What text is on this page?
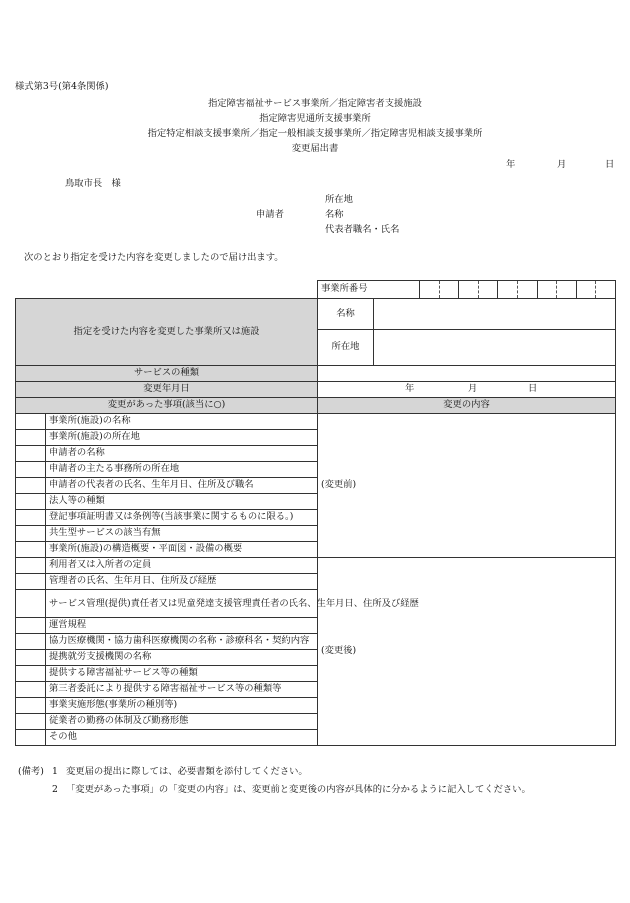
様式第3号(第4条関係)
指定障害福祉サービス事業所／指定障害者支援施設
指定障害児通所支援事業所
指定特定相談支援事業所／指定一般相談支援事業所／指定障害児相談支援事業所
変更届出書
年	月	日
鳥取市長　様
申請者
所在地
名称
代表者職名・氏名
次のとおり指定を受けた内容を変更しましたので届け出ます。

事業所番号	

指定を受けた内容を変更した事業所又は施設		名称	
		所在地	
サービスの種類			
変更年月日		年 月 日	

変更があった事項(該当に○)		変更の内容	
	事業所(施設)の名称	(変更前)	
	事業所(施設)の所在地		
	申請者の名称		
	申請者の主たる事務所の所在地		
	申請者の代表者の氏名、生年月日、住所及び職名		
	法人等の種類		
	登記事項証明書又は条例等(当該事業に関するものに限る。)		
	共生型サービスの該当有無		
	事業所(施設)の構造概要・平面図・設備の概要		
	利用者又は入所者の定員	(変更後)	
	管理者の氏名、生年月日、住所及び経歴		
	サービス管理(提供)責任者又は児童発達支援管理責任者の氏名、生年月日、住所及び経歴		
	運営規程		
	協力医療機関・協力歯科医療機関の名称・診療科名・契約内容		
	提携就労支援機関の名称		
	提供する障害福祉サービス等の種類		
	第三者委託により提供する障害福祉サービス等の種類等		
	事業実施形態(事業所の種別等)		
	従業者の勤務の体制及び勤務形態		
	その他		
(備考) 1 変更届の提出に際しては、必要書類を添付してください。
2 「変更があった事項」の「変更の内容」は、変更前と変更後の内容が具体的に分かるように記入してください。
